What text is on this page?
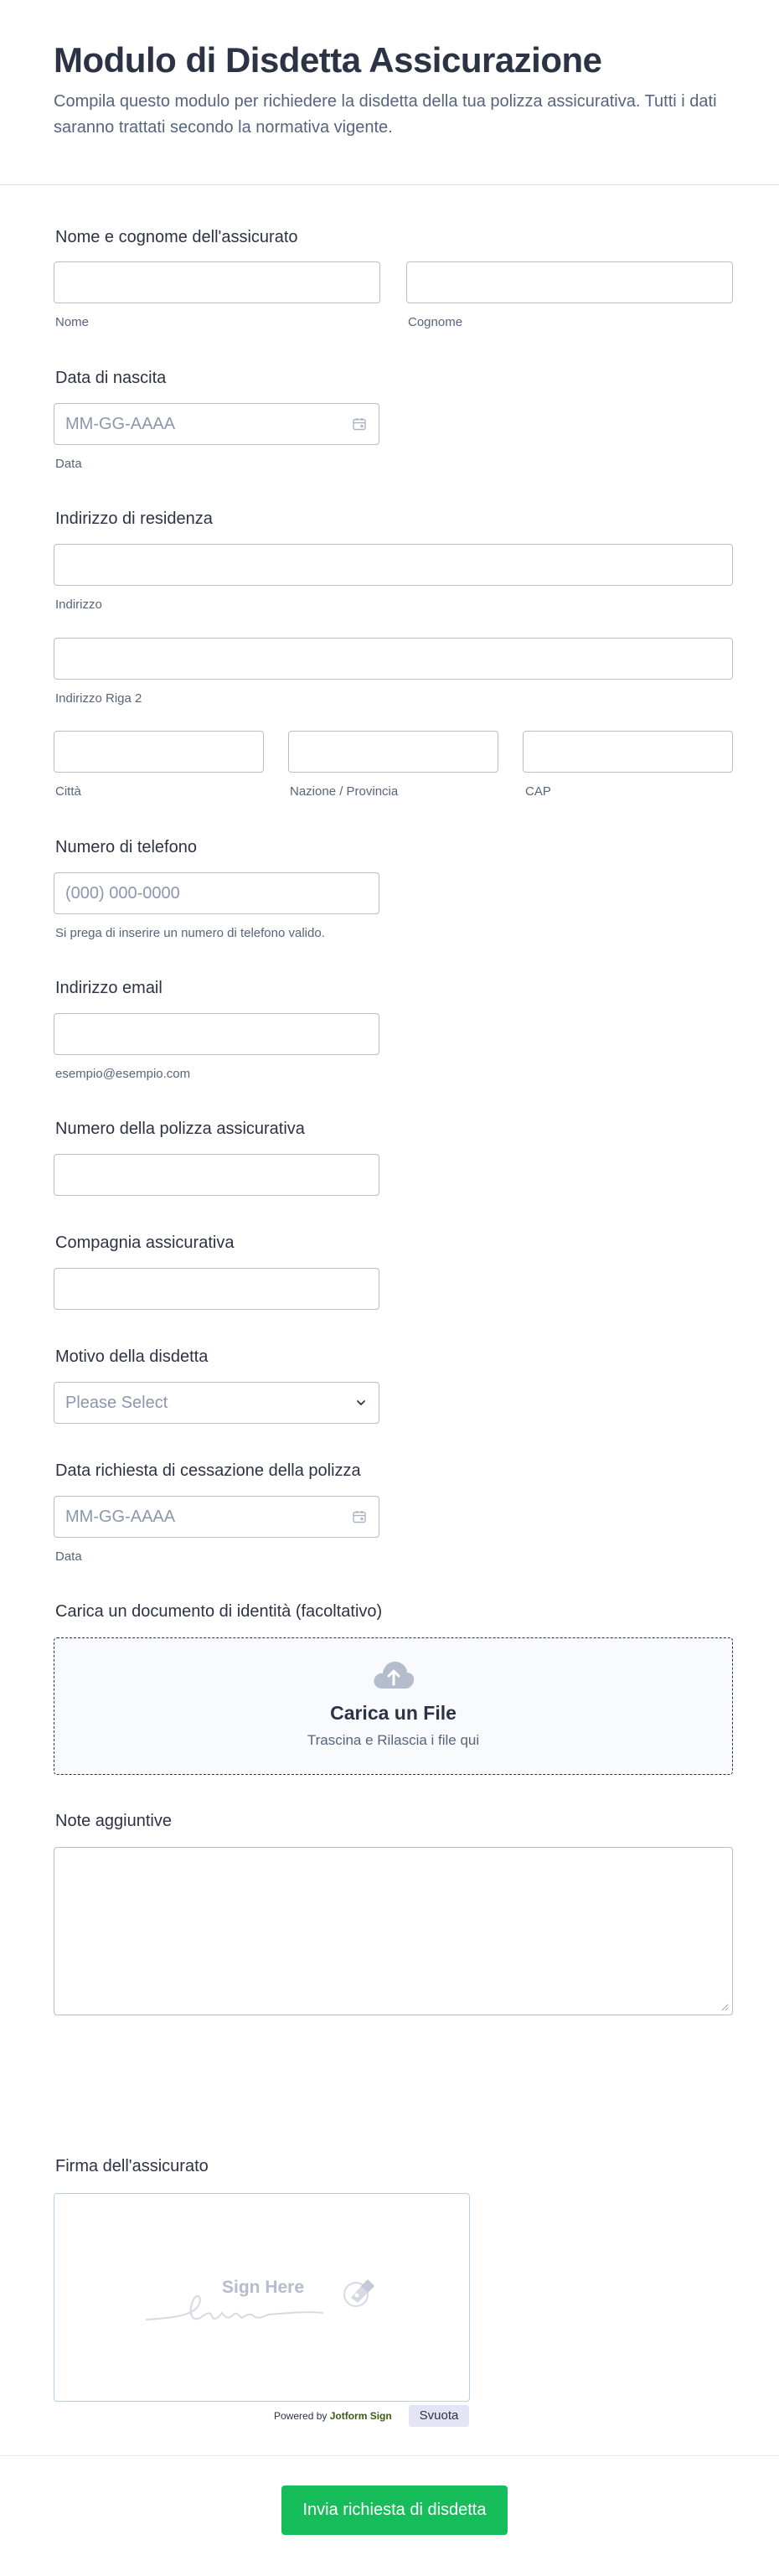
Modulo di Disdetta Assicurazione

Compila questo modulo per richiedere la disdetta della tua polizza assicurativa. Tutti i dati saranno trattati secondo la normativa vigente.

Nome e cognome dell'assicurato
Nome	Cognome
Data di nascita
MM-GG-AAAA
Data
Indirizzo di residenza
Indirizzo
Indirizzo Riga 2
Città	Nazione / Provincia	CAP
Numero di telefono
(000) 000-0000
Si prega di inserire un numero di telefono valido.
Indirizzo email
esempio@esempio.com
Numero della polizza assicurativa
Compagnia assicurativa
Motivo della disdetta
Please Select
Data richiesta di cessazione della polizza
MM-GG-AAAA
Data
Carica un documento di identità (facoltativo)
Carica un File
Trascina e Rilascia i file qui
Note aggiuntive
Firma dell'assicurato
Sign Here
Powered by Jotform Sign	Svuota
Invia richiesta di disdetta
